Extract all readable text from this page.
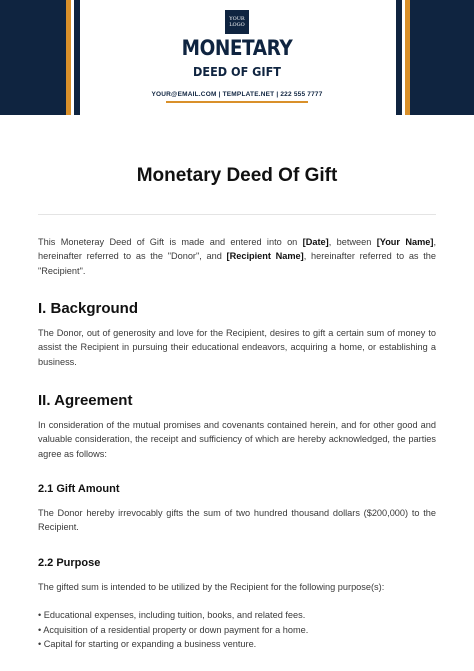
YOUR LOGO
MONETARY
DEED OF GIFT
YOUR@EMAIL.COM | TEMPLATE.NET | 222 555 7777
Monetary Deed Of Gift
This Moneteray Deed of Gift is made and entered into on [Date], between [Your Name], hereinafter referred to as the "Donor", and [Recipient Name], hereinafter referred to as the "Recipient".
I. Background
The Donor, out of generosity and love for the Recipient, desires to gift a certain sum of money to assist the Recipient in pursuing their educational endeavors, acquiring a home, or establishing a business.
II. Agreement
In consideration of the mutual promises and covenants contained herein, and for other good and valuable consideration, the receipt and sufficiency of which are hereby acknowledged, the parties agree as follows:
2.1 Gift Amount
The Donor hereby irrevocably gifts the sum of two hundred thousand dollars ($200,000) to the Recipient.
2.2 Purpose
The gifted sum is intended to be utilized by the Recipient for the following purpose(s):
• Educational expenses, including tuition, books, and related fees.
• Acquisition of a residential property or down payment for a home.
• Capital for starting or expanding a business venture.
